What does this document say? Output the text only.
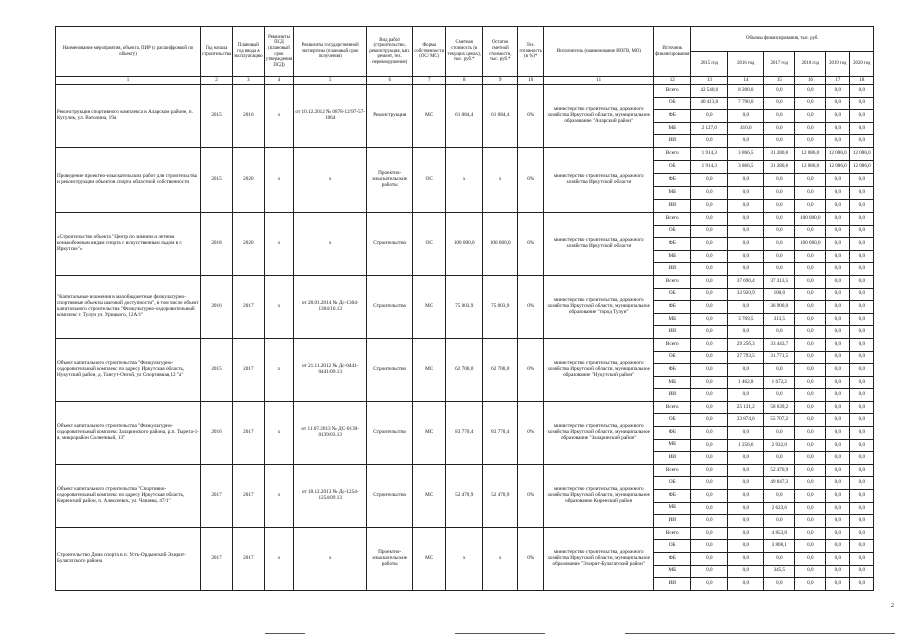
Наименование мероприятия, объекта, ПИР (с расшифровкой по объекту)	Год начала строительства	Плановый год ввода в эксплуатацию	Реквизиты ПСД (плановый срок утверждения ПСД)	Реквизиты государственной экспертизы (плановый срок получения)	Вид работ (строительство, реконструкция, кап. ремонт, тех. перевооружение)	Форма собственности (ОС/ МС)	Сметная стоимость (в текущих ценах), тыс. руб.*	Остаток сметной стоимости, тыс. руб.*	Тех. готовность (в %)*	Исполнитель (наименование ИОГВ, МО)	Источник финансирования	Объемы финансирования, тыс. руб.					
												2015 год	2016 год	2017 год	2018 год	2019 год	2020 год
1	2	3	4	5	6	7	8	9	10	11	12	13	14	15	16	17	18
Реконструкция спортивного комплекса в Аларском районе, п. Кутулик, ул. Ватолина, 19а	2015	2016	x	от 10.12.2012 № 0878-12/97-57-1064	Реконструкция	МС	61 084,4	61 084,4	0%	министерство строительства, дорожного хозяйства Иркутской области, муниципальное образование "Аларский район"	Всего	42 540,0	8 200,0	0,0	0,0	0,0	0,0
											ОБ	40 413,0	7 790,0	0,0	0,0	0,0	0,0
											ФБ	0,0	0,0	0,0	0,0	0,0	0,0
											МБ	2 127,0	410,0	0,0	0,0	0,0	0,0
											ИИ	0,0	0,0	0,0	0,0	0,0	0,0
Проведение проектно-изыскательских работ для строительства и реконструкции объектов спорта областной собственности	2015	2020	x	x	Проектно-изыскательские работы	ОС	x	x	0%	министерство строительства, дорожного хозяйства Иркутской области	Всего	1 914,3	3 866,5	31 280,6	12 086,0	12 086,0	12 086,0
											ОБ	1 914,3	3 866,5	31 280,6	12 086,0	12 086,0	12 086,0
											ФБ	0,0	0,0	0,0	0,0	0,0	0,0
											МБ	0,0	0,0	0,0	0,0	0,0	0,0
											ИИ	0,0	0,0	0,0	0,0	0,0	0,0
«Строительство объекта "Центр по зимним и летним конькобежным видам спорта с искусственным льдом в г. Иркутске"»	2018	2020	x	x	Строительство	ОС	100 000,0	100 000,0	0%	министерство строительства, дорожного хозяйства Иркутской области	Всего	0,0	0,0	0,0	100 000,0	0,0	0,0
											ОБ	0,0	0,0	0,0	0,0	0,0	0,0
											ФБ	0,0	0,0	0,0	100 000,0	0,0	0,0
											МБ	0,0	0,0	0,0	0,0	0,0	0,0
											ИИ	0,0	0,0	0,0	0,0	0,0	0,0
"Капитальные вложения в малобюджетные физкультурно-спортивные объекты шаговой доступности", в том числе объект капитального строительства "Физкультурно-оздоровительный комплекс г. Тулун ул. Урицкого, 12А/1"	2016	2017	x	от 28.01.2014 № Дс-1304-1304/10.13	Строительство	МС	75 003,9	75 003,9	0%	министерство строительства, дорожного хозяйства Иркутской области, муниципальное образование "город Тулун"	Всего	0,0	37 690,4	37 313,5	0,0	0,0	0,0
											ОБ	0,0	33 920,9	100,0	0,0	0,0	0,0
											ФБ	0,0	0,0	36 900,0	0,0	0,0	0,0
											МБ	0,0	3 769,5	313,5	0,0	0,0	0,0
											ИИ	0,0	0,0	0,0	0,0	0,0	0,0
Объект капитального строительства "Физкультурно-оздоровительный комплекс по адресу Иркутская область, Нукутский район, д. Тангут-Онгой, ул Спортивная,12 "а"	2015	2017	x	от 21.11.2012 № Дс-0441-0441/09.13	Строительство	МС	62 700,0	62 700,0	0%	министерство строительства, дорожного хозяйства Иркутской области, муниципальное образование "Нукутский район"	Всего	0,0	29 256,3	33 443,7	0,0	0,0	0,0
											ОБ	0,0	27 793,5	31 771,5	0,0	0,0	0,0
											ФБ	0,0	0,0	0,0	0,0	0,0	0,0
											МБ	0,0	1 462,8	1 672,2	0,0	0,0	0,0
											ИИ	0,0	0,0	0,0	0,0	0,0	0,0
Объект капитального строительства "Физкультурно-оздоровительный комплекс Заларинского района, р.п. Тырета-1-я, микрорайон Солнечный, 13"	2016	2017	x	от 11.07.2013 № ДС-0139-0139/03.13	Строительство	МС	83 770,4	83 770,4	0%	министерство строительства, дорожного хозяйства Иркутской области, муниципальное образование "Заларинский район"	Всего	0,0	25 131,2	58 639,2	0,0	0,0	0,0
											ОБ	0,0	23 874,6	55 707,2	0,0	0,0	0,0
											ФБ	0,0	0,0	0,0	0,0	0,0	0,0
											МБ	0,0	1 256,6	2 932,0	0,0	0,0	0,0
											ИИ	0,0	0,0	0,0	0,0	0,0	0,0
Объект капитального строительства "Спортивно-оздоровительный комплекс по адресу Иркутская область, Киренский район, п. Алексеевск, ул. Чапаева, 47/1"	2017	2017	x	от 18.12.2013 № Дс-1254-1254/09.13	Строительство	МС	52 470,9	52 470,9	0%	министерство строительства, дорожного хозяйства Иркутской области, муниципальное образование Киренский район	Всего	0,0	0,0	52 470,9	0,0	0,0	0,0
											ОБ	0,0	0,0	49 847,3	0,0	0,0	0,0
											ФБ	0,0	0,0	0,0	0,0	0,0	0,0
											МБ	0,0	0,0	2 623,6	0,0	0,0	0,0
											ИИ	0,0	0,0	0,0	0,0	0,0	0,0
Строительство Дома спорта в п. Усть-Ордынский Эхирит-Булагатского района	2017	2017	x	x	Проектно-изыскательские работы	МС	x	x	0%	министерство строительства, дорожного хозяйства Иркутской области, муниципальное образование "Эхирит-Булагатский район"	Всего	0,0	0,0	4 853,8	0,0	0,0	0,0
											ОБ	0,0	0,0	3 808,1	0,0	0,0	0,0
											ФБ	0,0	0,0	0,0	0,0	0,0	0,0
											МБ	0,0	0,0	345,5	0,0	0,0	0,0
											ИИ	0,0	0,0	0,0	0,0	0,0	0,0
2
